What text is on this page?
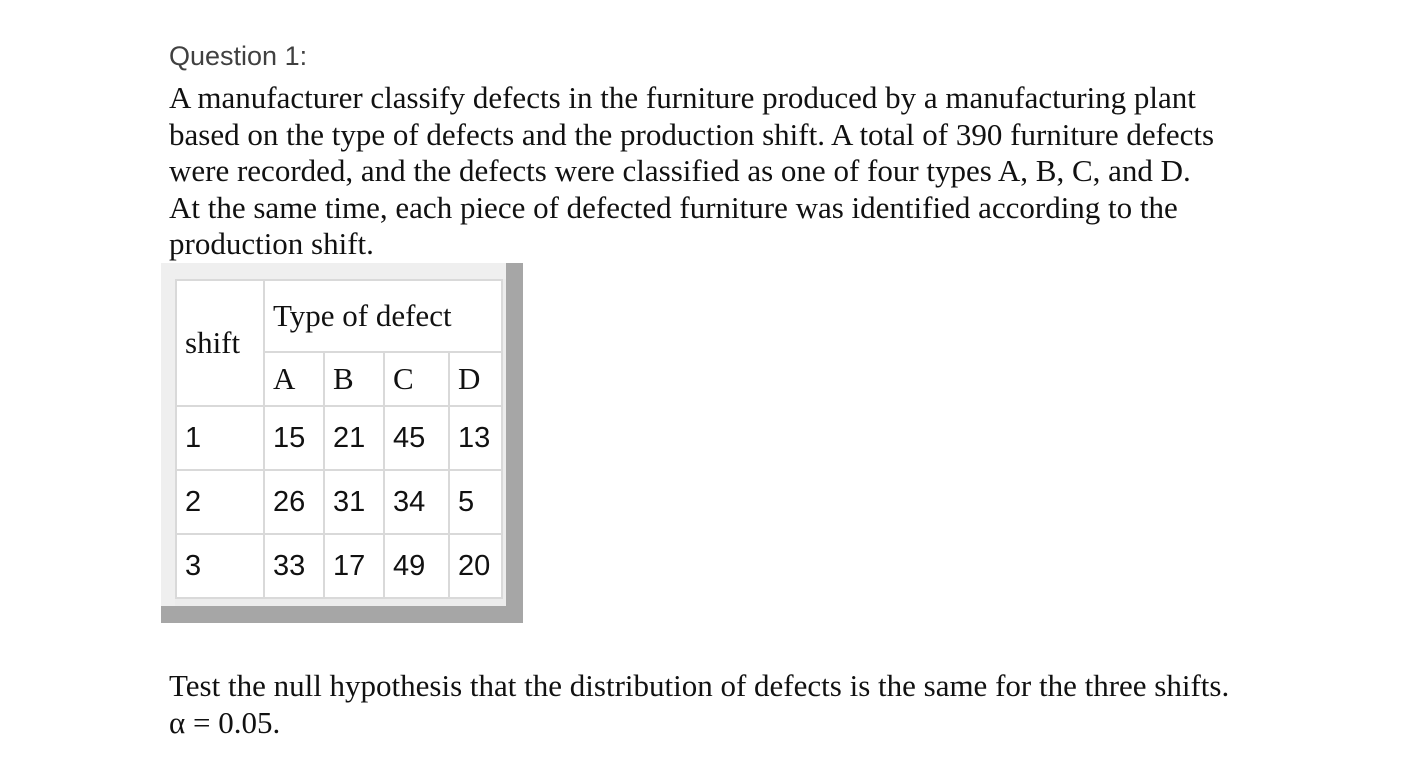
Question 1:
A manufacturer classify defects in the furniture produced by a manufacturing plant
based on the type of defects and the production shift. A total of 390 furniture defects
were recorded, and the defects were classified as one of four types A, B, C, and D.
At the same time, each piece of defected furniture was identified according to the
production shift.
shift	Type of defect			
	A	B	C	D
1	15	21	45	13
2	26	31	34	5
3	33	17	49	20
Test the null hypothesis that the distribution of defects is the same for the three shifts.
α = 0.05.
